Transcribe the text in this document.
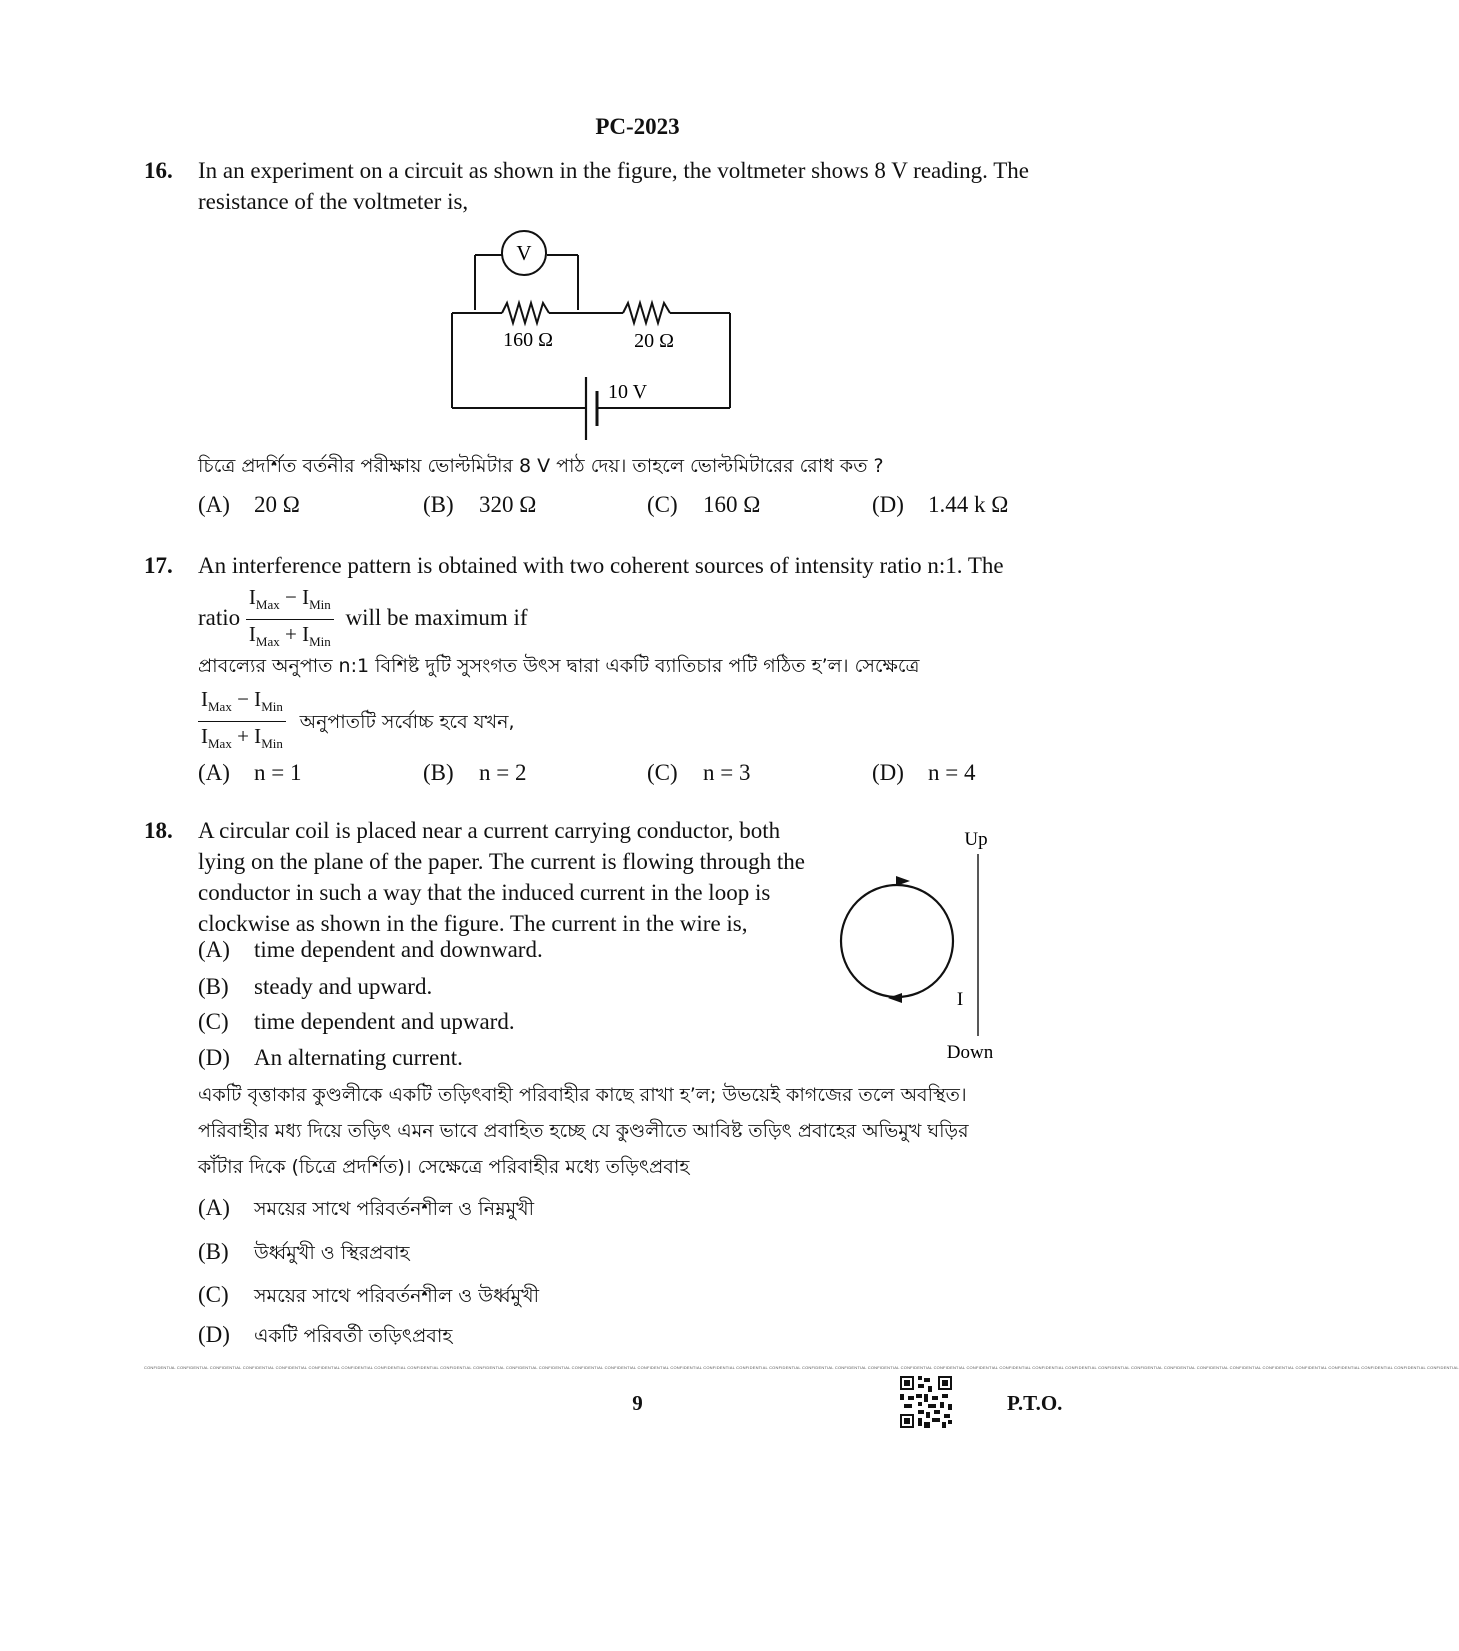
PC-2023
16. In an experiment on a circuit as shown in the figure, the voltmeter shows 8 V reading. The resistance of the voltmeter is,
V
160 Ω	20 Ω
10 V
চিত্রে প্রদর্শিত বর্তনীর পরীক্ষায় ভোল্টমিটার 8 V পাঠ দেয়। তাহলে ভোল্টমিটারের রোধ কত ?
(A) 20 Ω	(B) 320 Ω	(C) 160 Ω	(D) 1.44 k Ω
17. An interference pattern is obtained with two coherent sources of intensity ratio n:1. The
ratio $\frac{I_{Max} - I_{Min}}{I_{Max} + I_{Min}}$ will be maximum if
প্রাবল্যের অনুপাত n:1 বিশিষ্ট দুটি সুসংগত উৎস দ্বারা একটি ব্যাতিচার পটি গঠিত হ’ল। সেক্ষেত্রে
$\frac{I_{Max} - I_{Min}}{I_{Max} + I_{Min}}$ অনুপাতটি সর্বোচ্চ হবে যখন,
(A) n = 1	(B) n = 2	(C) n = 3	(D) n = 4
18. A circular coil is placed near a current carrying conductor, both
lying on the plane of the paper. The current is flowing through the
conductor in such a way that the induced current in the loop is
clockwise as shown in the figure. The current in the wire is,
(A) time dependent and downward.
(B) steady and upward.
(C) time dependent and upward.
(D) An alternating current.
Up
I
Down
একটি বৃত্তাকার কুণ্ডলীকে একটি তড়িৎবাহী পরিবাহীর কাছে রাখা হ’ল; উভয়েই কাগজের তলে অবস্থিত।
পরিবাহীর মধ্য দিয়ে তড়িৎ এমন ভাবে প্রবাহিত হচ্ছে যে কুণ্ডলীতে আবিষ্ট তড়িৎ প্রবাহের অভিমুখ ঘড়ির
কাঁটার দিকে (চিত্রে প্রদর্শিত)। সেক্ষেত্রে পরিবাহীর মধ্যে তড়িৎপ্রবাহ
(A) সময়ের সাথে পরিবর্তনশীল ও নিম্নমুখী
(B) উর্ধ্বমুখী ও স্থিরপ্রবাহ
(C) সময়ের সাথে পরিবর্তনশীল ও উর্ধ্বমুখী
(D) একটি পরিবর্তী তড়িৎপ্রবাহ
CONFIDENTIAL CONFIDENTIAL CONFIDENTIAL CONFIDENTIAL CONFIDENTIAL CONFIDENTIAL CONFIDENTIAL CONFIDENTIAL CONFIDENTIAL CONFIDENTIAL CONFIDENTIAL CONFIDENTIAL CONFIDENTIAL CONFIDENTIAL CONFIDENTIAL CONFIDENTIAL CONFIDENTIAL CONFIDENTIAL CONFIDENTIAL CONFIDENTIAL CONFIDENTIAL CONFIDENTIAL CONFIDENTIAL CONFIDENTIAL CONFIDENTIAL CONFIDENTIAL CONFIDENTIAL CONFIDENTIAL CONFIDENTIAL CONFIDENTIAL CONFIDENTIAL CONFIDENTIAL CONFIDENTIAL CONFIDENTIAL CONFIDENTIAL CONFIDENTIAL CONFIDENTIAL CONFIDENTIAL CONFIDENTIAL CONFIDENTIAL
9	P.T.O.
